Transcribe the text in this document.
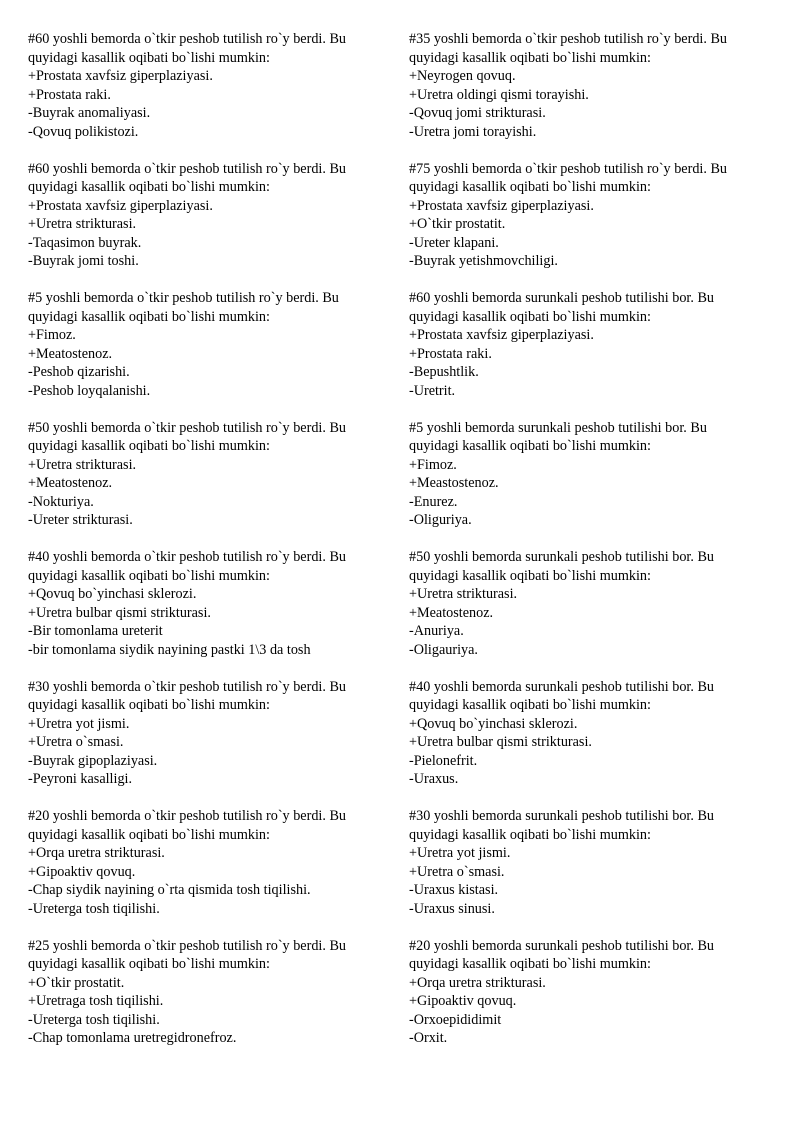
#60 yoshli bemorda o`tkir peshob tutilish ro`y berdi. Bu
quyidagi kasallik oqibati bo`lishi mumkin:
+Prostata xavfsiz giperplaziyasi.
+Prostata raki.
-Buyrak anomaliyasi.
-Qovuq polikistozi.
#60 yoshli bemorda o`tkir peshob tutilish ro`y berdi. Bu
quyidagi kasallik oqibati bo`lishi mumkin:
+Prostata xavfsiz giperplaziyasi.
+Uretra strikturasi.
-Taqasimon buyrak.
-Buyrak jomi toshi.
#5 yoshli bemorda o`tkir peshob tutilish ro`y berdi. Bu
quyidagi kasallik oqibati bo`lishi mumkin:
+Fimoz.
+Meatostenoz.
-Peshob qizarishi.
-Peshob loyqalanishi.
#50 yoshli bemorda o`tkir peshob tutilish ro`y berdi. Bu
quyidagi kasallik oqibati bo`lishi mumkin:
+Uretra strikturasi.
+Meatostenoz.
-Nokturiya.
-Ureter strikturasi.
#40 yoshli bemorda o`tkir peshob tutilish ro`y berdi. Bu
quyidagi kasallik oqibati bo`lishi mumkin:
+Qovuq bo`yinchasi sklerozi.
+Uretra bulbar qismi strikturasi.
-Bir tomonlama ureterit
-bir tomonlama siydik nayining pastki 1\3 da tosh
#30 yoshli bemorda o`tkir peshob tutilish ro`y berdi. Bu
quyidagi kasallik oqibati bo`lishi mumkin:
+Uretra yot jismi.
+Uretra o`smasi.
-Buyrak gipoplaziyasi.
-Peyroni kasalligi.
#20 yoshli bemorda o`tkir peshob tutilish ro`y berdi. Bu
quyidagi kasallik oqibati bo`lishi mumkin:
+Orqa uretra strikturasi.
+Gipoaktiv qovuq.
-Chap siydik nayining o`rta qismida tosh tiqilishi.
-Ureterga tosh tiqilishi.
#25 yoshli bemorda o`tkir peshob tutilish ro`y berdi. Bu
quyidagi kasallik oqibati bo`lishi mumkin:
+O`tkir prostatit.
+Uretraga tosh tiqilishi.
-Ureterga tosh tiqilishi.
-Chap tomonlama uretregidronefroz.
#35 yoshli bemorda o`tkir peshob tutilish ro`y berdi. Bu
quyidagi kasallik oqibati bo`lishi mumkin:
+Neyrogen qovuq.
+Uretra oldingi qismi torayishi.
-Qovuq jomi strikturasi.
-Uretra jomi torayishi.
#75 yoshli bemorda o`tkir peshob tutilish ro`y berdi. Bu
quyidagi kasallik oqibati bo`lishi mumkin:
+Prostata xavfsiz giperplaziyasi.
+O`tkir prostatit.
-Ureter klapani.
-Buyrak yetishmovchiligi.
#60 yoshli bemorda surunkali peshob tutilishi bor. Bu
quyidagi kasallik oqibati bo`lishi mumkin:
+Prostata xavfsiz giperplaziyasi.
+Prostata raki.
-Bepushtlik.
-Uretrit.
#5 yoshli bemorda surunkali peshob tutilishi bor. Bu
quyidagi kasallik oqibati bo`lishi mumkin:
+Fimoz.
+Meastostenoz.
-Enurez.
-Oliguriya.
#50 yoshli bemorda surunkali peshob tutilishi bor. Bu
quyidagi kasallik oqibati bo`lishi mumkin:
+Uretra strikturasi.
+Meatostenoz.
-Anuriya.
-Oligauriya.
#40 yoshli bemorda surunkali peshob tutilishi bor. Bu
quyidagi kasallik oqibati bo`lishi mumkin:
+Qovuq bo`yinchasi sklerozi.
+Uretra bulbar qismi strikturasi.
-Pielonefrit.
-Uraxus.
#30 yoshli bemorda surunkali peshob tutilishi bor. Bu
quyidagi kasallik oqibati bo`lishi mumkin:
+Uretra yot jismi.
+Uretra o`smasi.
-Uraxus kistasi.
-Uraxus sinusi.
#20 yoshli bemorda surunkali peshob tutilishi bor. Bu
quyidagi kasallik oqibati bo`lishi mumkin:
+Orqa uretra strikturasi.
+Gipoaktiv qovuq.
-Orxoepididimit
-Orxit.
